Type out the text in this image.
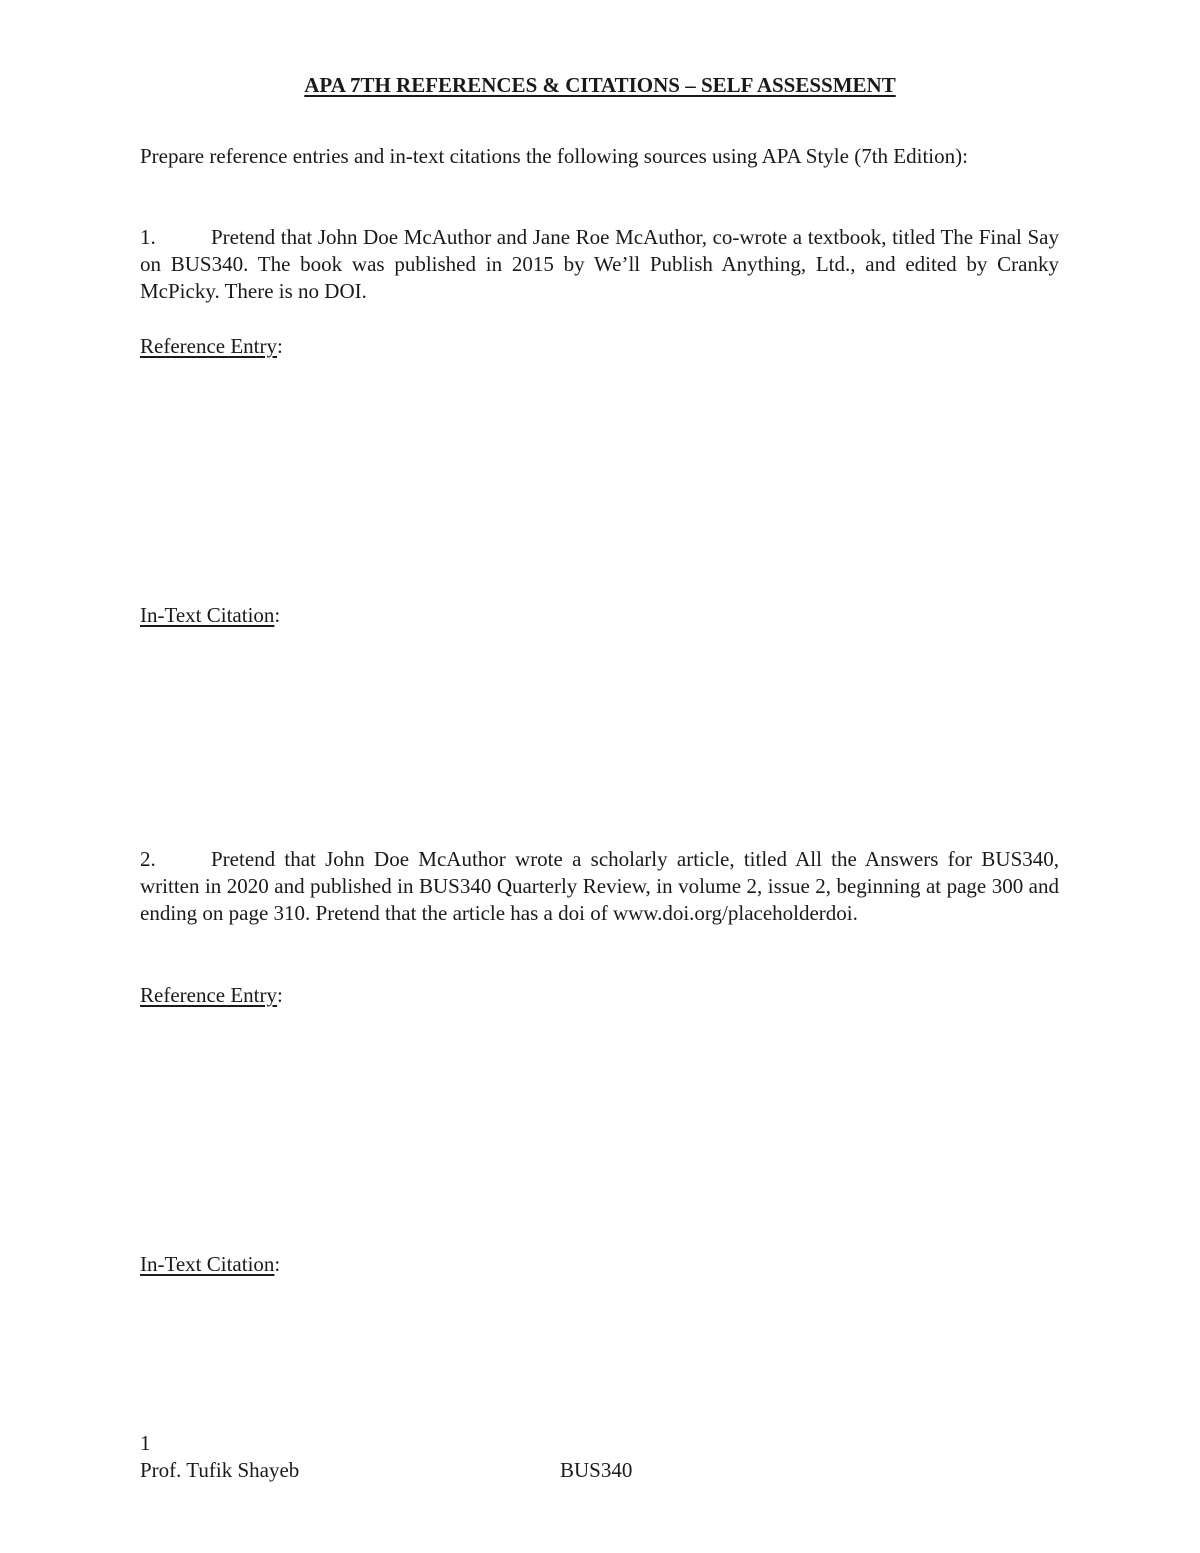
APA 7TH REFERENCES & CITATIONS – SELF ASSESSMENT
Prepare reference entries and in-text citations the following sources using APA Style (7th Edition):
1.	Pretend that John Doe McAuthor and Jane Roe McAuthor, co-wrote a textbook, titled The Final Say on BUS340. The book was published in 2015 by We’ll Publish Anything, Ltd., and edited by Cranky McPicky. There is no DOI.
Reference Entry:
In-Text Citation:
2.	Pretend that John Doe McAuthor wrote a scholarly article, titled All the Answers for BUS340, written in 2020 and published in BUS340 Quarterly Review, in volume 2, issue 2, beginning at page 300 and ending on page 310. Pretend that the article has a doi of www.doi.org/placeholderdoi.
Reference Entry:
In-Text Citation:
1
Prof. Tufik Shayeb	BUS340
